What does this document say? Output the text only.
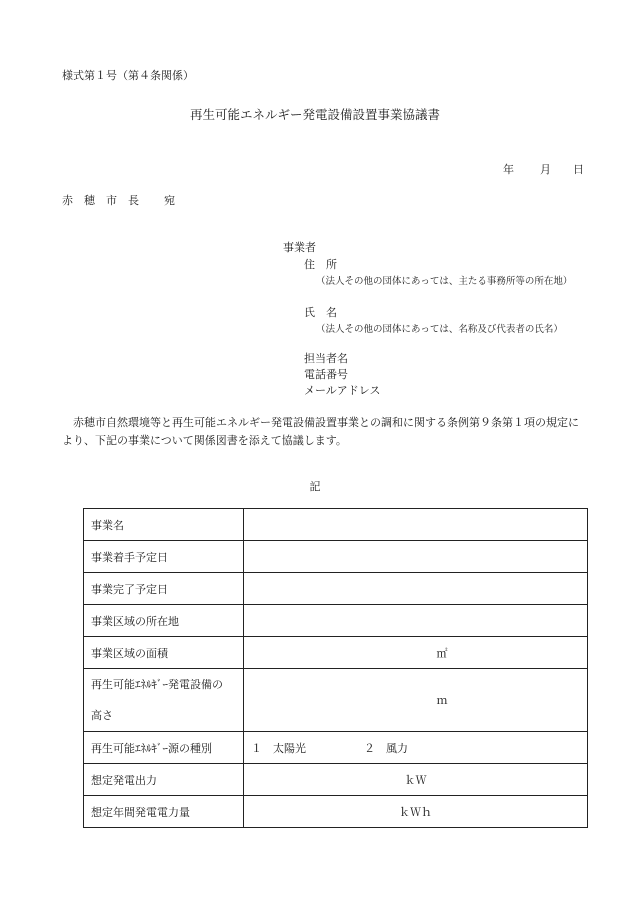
様式第１号（第４条関係）
再生可能エネルギー発電設備設置事業協議書
年 月 日
赤穂市長 宛
事業者
住　所
（法人その他の団体にあっては、主たる事務所等の所在地）
氏　名
（法人その他の団体にあっては、名称及び代表者の氏名）
担当者名
電話番号
メールアドレス
赤穂市自然環境等と再生可能エネルギー発電設備設置事業との調和に関する条例第９条第１項の規定により、下記の事業について関係図書を添えて協議します。
記
事業名	
事業着手予定日	
事業完了予定日	
事業区域の所在地	
事業区域の面積	㎡

再生可能ｴﾈﾙｷﾞｰ発電設備の
高さ	ｍ
再生可能ｴﾈﾙｷﾞｰ源の種別	１　太陽光 ２　風力
想定発電出力	ｋＷ
想定年間発電電力量	ｋＷｈ
